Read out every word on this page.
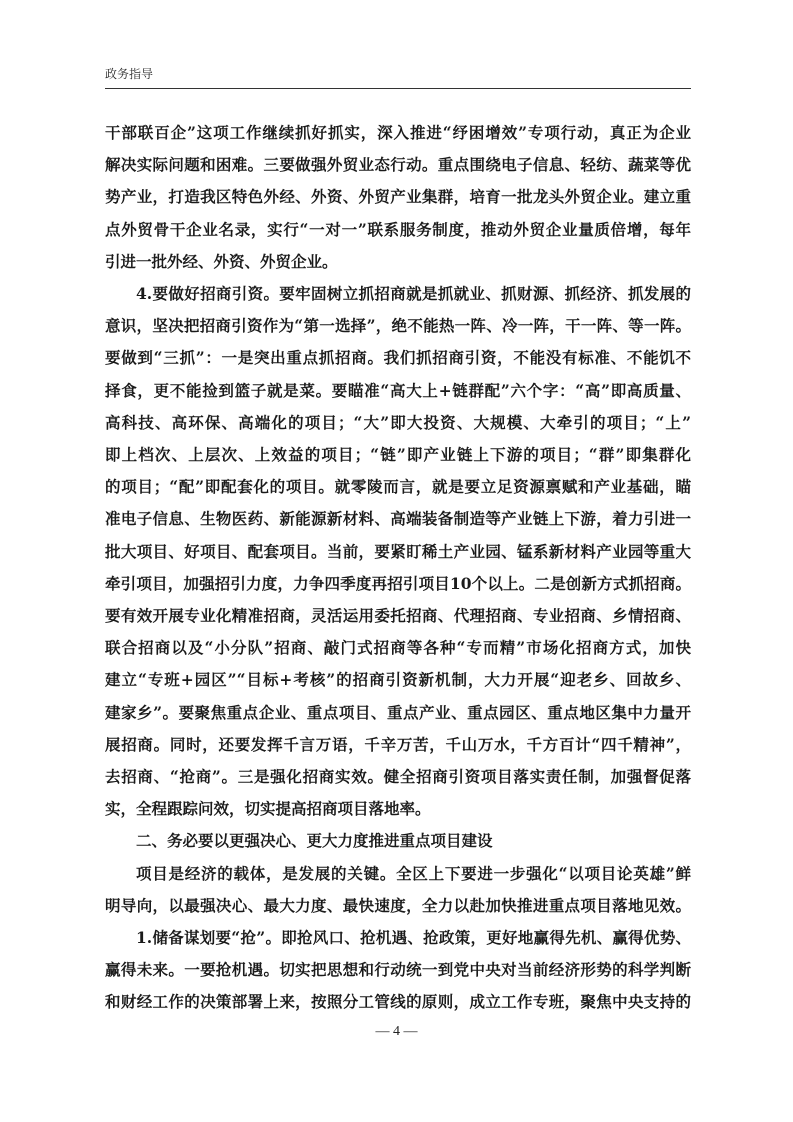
政务指导
干部联百企”这项工作继续抓好抓实，深入推进“纾困增效”专项行动，真正为企业
解决实际问题和困难。三要做强外贸业态行动。重点围绕电子信息、轻纺、蔬菜等优
势产业，打造我区特色外经、外资、外贸产业集群，培育一批龙头外贸企业。建立重
点外贸骨干企业名录，实行“一对一”联系服务制度，推动外贸企业量质倍增，每年
引进一批外经、外资、外贸企业。
4.要做好招商引资。要牢固树立抓招商就是抓就业、抓财源、抓经济、抓发展的
意识，坚决把招商引资作为“第一选择”，绝不能热一阵、冷一阵，干一阵、等一阵。
要做到“三抓”：一是突出重点抓招商。我们抓招商引资，不能没有标准、不能饥不
择食，更不能捡到篮子就是菜。要瞄准“高大上+链群配”六个字：“高”即高质量、
高科技、高环保、高端化的项目；“大”即大投资、大规模、大牵引的项目；“上”
即上档次、上层次、上效益的项目；“链”即产业链上下游的项目；“群”即集群化
的项目；“配”即配套化的项目。就零陵而言，就是要立足资源禀赋和产业基础，瞄
准电子信息、生物医药、新能源新材料、高端装备制造等产业链上下游，着力引进一
批大项目、好项目、配套项目。当前，要紧盯稀土产业园、锰系新材料产业园等重大
牵引项目，加强招引力度，力争四季度再招引项目10个以上。二是创新方式抓招商。
要有效开展专业化精准招商，灵活运用委托招商、代理招商、专业招商、乡情招商、
联合招商以及“小分队”招商、敲门式招商等各种“专而精”市场化招商方式，加快
建立“专班+园区”“目标+考核”的招商引资新机制，大力开展“迎老乡、回故乡、
建家乡”。要聚焦重点企业、重点项目、重点产业、重点园区、重点地区集中力量开
展招商。同时，还要发挥千言万语，千辛万苦，千山万水，千方百计“四千精神”，
去招商、“抢商”。三是强化招商实效。健全招商引资项目落实责任制，加强督促落
实，全程跟踪问效，切实提高招商项目落地率。
二、务必要以更强决心、更大力度推进重点项目建设
项目是经济的载体，是发展的关键。全区上下要进一步强化“以项目论英雄”鲜
明导向，以最强决心、最大力度、最快速度，全力以赴加快推进重点项目落地见效。
1.储备谋划要“抢”。即抢风口、抢机遇、抢政策，更好地赢得先机、赢得优势、
赢得未来。一要抢机遇。切实把思想和行动统一到党中央对当前经济形势的科学判断
— 4 —
和财经工作的决策部署上来，按照分工管线的原则，成立工作专班，聚焦中央支持的
